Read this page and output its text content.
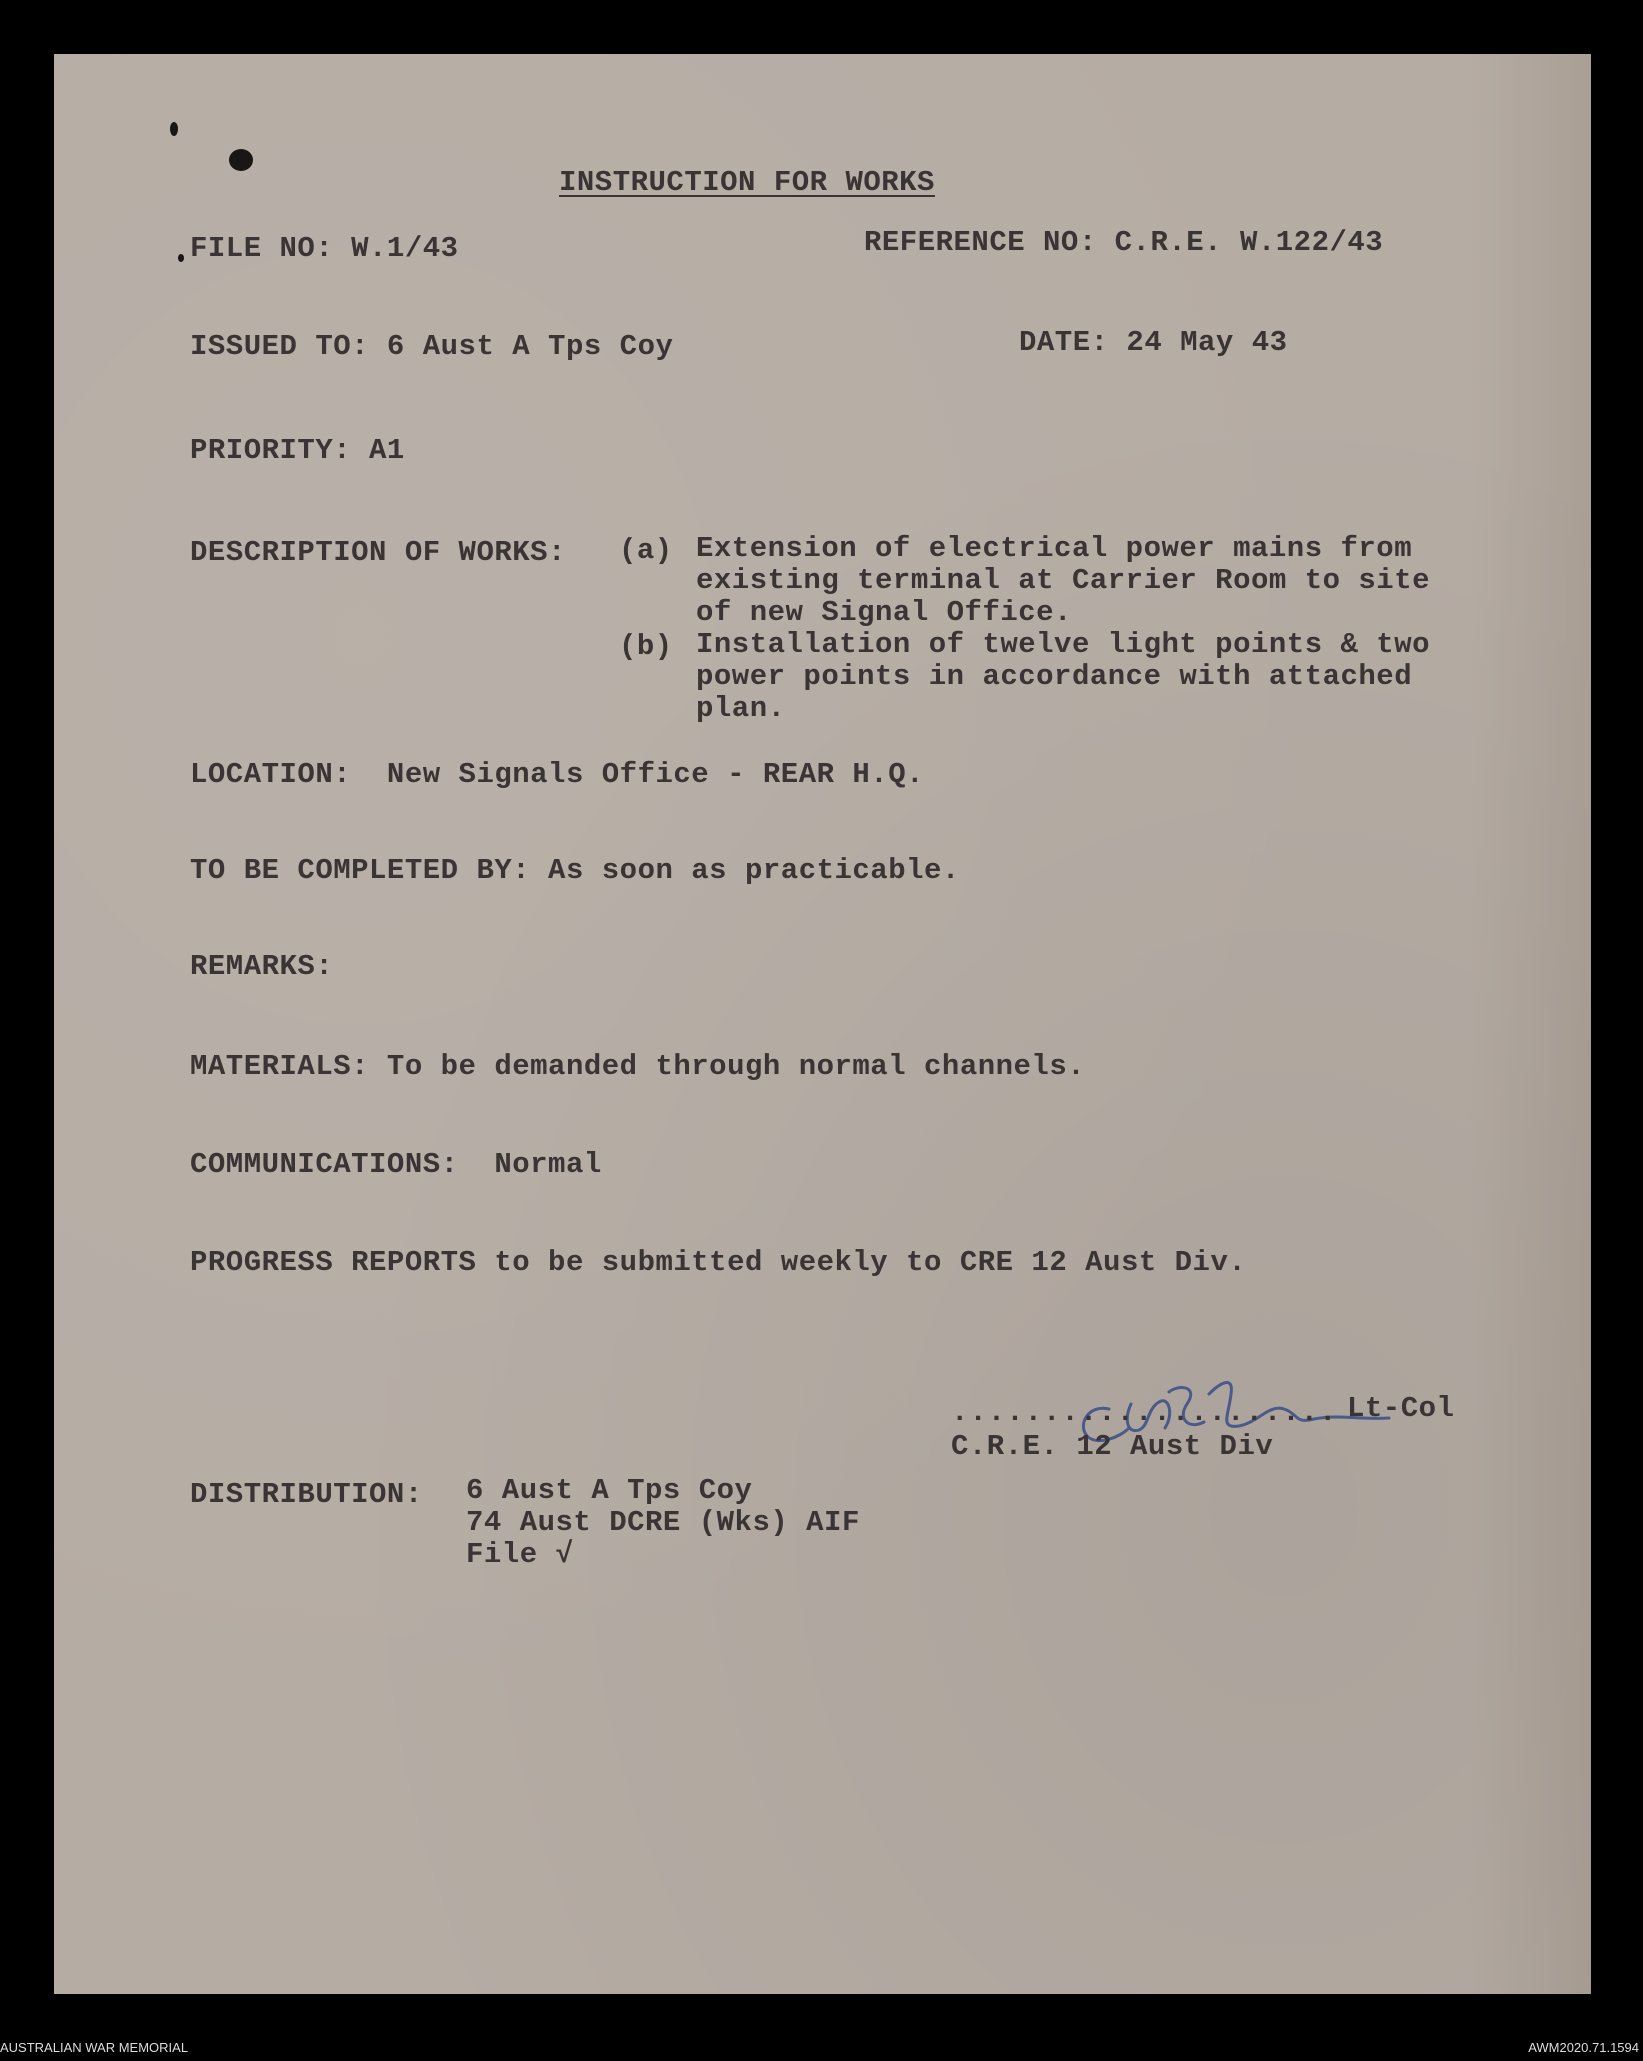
INSTRUCTION FOR WORKS
FILE NO: W.1/43	REFERENCE NO: C.R.E. W.122/43
ISSUED TO: 6 Aust A Tps Coy	DATE: 24 May 43
PRIORITY: A1
DESCRIPTION OF WORKS: (a) Extension of electrical power mains from
existing terminal at Carrier Room to site
of new Signal Office.
(b) Installation of twelve light points & two
power points in accordance with attached
plan.
LOCATION:  New Signals Office - REAR H.Q.
TO BE COMPLETED BY: As soon as practicable.
REMARKS:
MATERIALS: To be demanded through normal channels.
COMMUNICATIONS:  Normal
PROGRESS REPORTS to be submitted weekly to CRE 12 Aust Div.
..................... Lt-Col
C.R.E. 12 Aust Div
DISTRIBUTION: 6 Aust A Tps Coy
74 Aust DCRE (Wks) AIF
File √
AUSTRALIAN WAR MEMORIAL	AWM2020.71.1594
